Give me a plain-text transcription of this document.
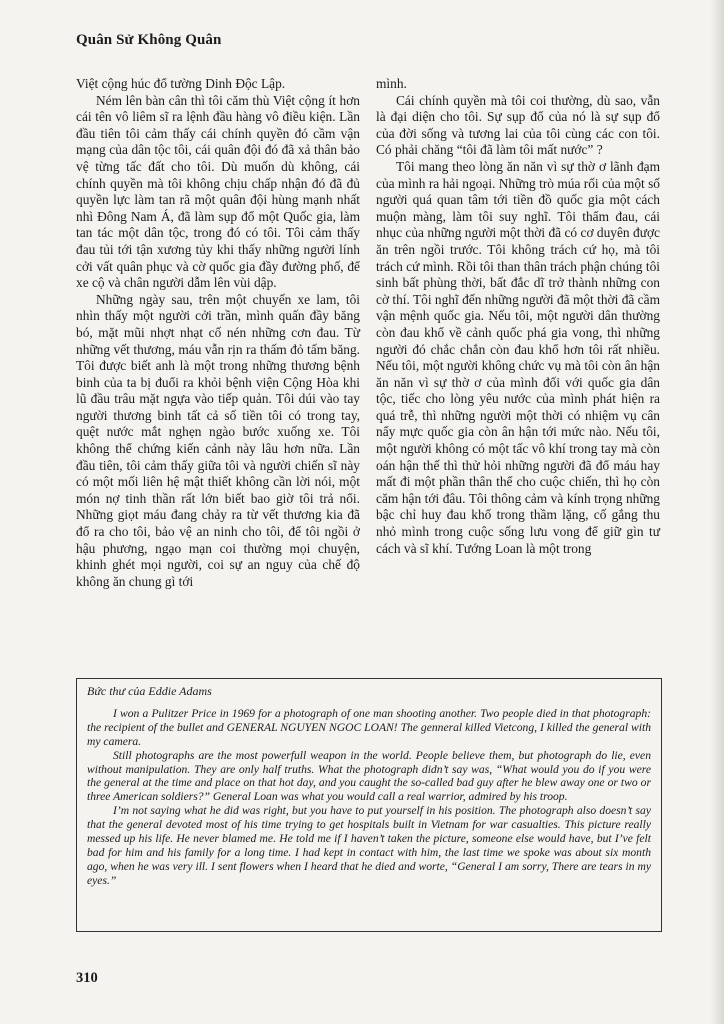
Quân Sử Không Quân

Việt cộng húc đổ tường Dinh Độc Lập.

Ném lên bàn cân thì tôi căm thù Việt cộng ít hơn cái tên vô liêm sĩ ra lệnh đầu hàng vô điều kiện. Lần đầu tiên tôi cảm thấy cái chính quyền đó cầm vận mạng của dân tộc tôi, cái quân đội đó đã xả thân bảo vệ từng tấc đất cho tôi. Dù muốn dù không, cái chính quyền mà tôi không chịu chấp nhận đó đã đủ quyền lực làm tan rã một quân đội hùng mạnh nhất nhì Đông Nam Á, đã làm sụp đổ một Quốc gia, làm tan tác một dân tộc, trong đó có tôi. Tôi cảm thấy đau tủi tới tận xương tủy khi thấy những người lính cởi vất quân phục và cờ quốc gia đầy đường phố, để xe cộ và chân người dẫm lên vùi dập.

Những ngày sau, trên một chuyến xe lam, tôi nhìn thấy một người cởi trần, mình quấn đầy băng bó, mặt mũi nhợt nhạt cố nén những cơn đau. Từ những vết thương, máu vẫn rịn ra thấm đỏ tấm băng. Tôi được biết anh là một trong những thương bệnh binh của ta bị đuổi ra khỏi bệnh viện Cộng Hòa khi lũ đầu trâu mặt ngựa vào tiếp quản. Tôi dúi vào tay người thương binh tất cả số tiền tôi có trong tay, quệt nước mắt nghẹn ngào bước xuống xe. Tôi không thể chứng kiến cảnh này lâu hơn nữa. Lần đầu tiên, tôi cảm thấy giữa tôi và người chiến sĩ này có một mối liên hệ mật thiết không cần lời nói, một món nợ tinh thần rất lớn biết bao giờ tôi trả nổi. Những giọt máu đang chảy ra từ vết thương kia đã đổ ra cho tôi, bảo vệ an ninh cho tôi, để tôi ngồi ở hậu phương, ngạo mạn coi thường mọi chuyện, khinh ghét mọi người, coi sự an nguy của chế độ không ăn chung gì tới

mình.

Cái chính quyền mà tôi coi thường, dù sao, vẫn là đại diện cho tôi. Sự sụp đổ của nó là sự sụp đổ của đời sống và tương lai của tôi cùng các con tôi. Có phải chăng “tôi đã làm tôi mất nước” ?

Tôi mang theo lòng ăn năn vì sự thờ ơ lãnh đạm của mình ra hải ngoại. Những trò múa rối của một số người quá quan tâm tới tiền đồ quốc gia một cách muộn màng, làm tôi suy nghĩ. Tôi thẩm đau, cái nhục của những người một thời đã có cơ duyên được ăn trên ngồi trước. Tôi không trách cứ họ, mà tôi trách cứ mình. Rồi tôi than thân trách phận chúng tôi sinh bất phùng thời, bất đắc dĩ trở thành những con cờ thí. Tôi nghĩ đến những người đã một thời đã cầm vận mệnh quốc gia. Nếu tôi, một người dân thường còn đau khổ về cảnh quốc phá gia vong, thì những người đó chắc chắn còn đau khổ hơn tôi rất nhiều. Nếu tôi, một người không chức vụ mà tôi còn ân hận ăn năn vì sự thờ ơ của mình đối với quốc gia dân tộc, tiếc cho lòng yêu nước của mình phát hiện ra quá trễ, thì những người một thời có nhiệm vụ cân nẩy mực quốc gia còn ân hận tới mức nào. Nếu tôi, một người không có một tấc vô khí trong tay mà còn oán hận thế thì thử hỏi những người đã đổ máu hay mất đi một phần thân thể cho cuộc chiến, thì họ còn căm hận tới đâu. Tôi thông cảm và kính trọng những bậc chỉ huy đau khổ trong thầm lặng, cố gắng thu nhỏ mình trong cuộc sống lưu vong để giữ gìn tư cách và sĩ khí. Tướng Loan là một trong

Bức thư của Eddie Adams

I won a Pulitzer Price in 1969 for a photograph of one man shooting another. Two people died in that photograph: the recipient of the bullet and GENERAL NGUYEN NGOC LOAN! The genneral killed Vietcong, I killed the general with my camera.

Still photographs are the most powerfull weapon in the world. People believe them, but photograph do lie, even without manipulation. They are only half truths. What the photograph didn’t say was, “What would you do if you were the general at the time and place on that hot day, and you caught the so-called bad guy after he blew away one or two or three American soldiers?” General Loan was what you would call a real warrior, admired by his troop.

I’m not saying what he did was right, but you have to put yourself in his position. The photograph also doesn’t say that the general devoted most of his time trying to get hospitals built in Vietnam for war casualties. This picture really messed up his life. He never blamed me. He told me if I haven’t taken the picture, someone else would have, but I’ve felt bad for him and his family for a long time. I had kept in contact with him, the last time we spoke was about six month ago, when he was very ill. I sent flowers when I heard that he died and worte, “General I am sorry, There are tears in my eyes.”

310
